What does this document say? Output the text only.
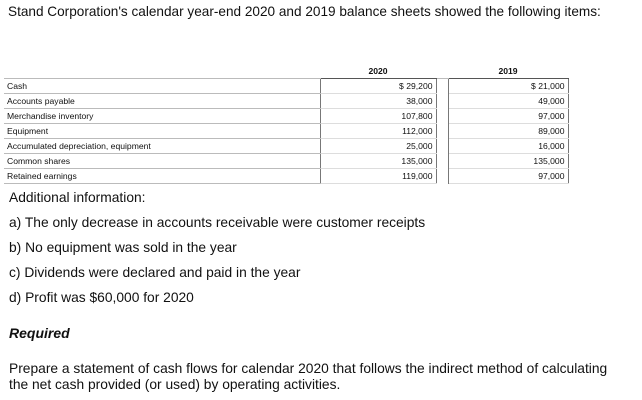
Stand Corporation's calendar year-end 2020 and 2019 balance sheets showed the following items:
	2020		2019
Cash	$ 29,200		$ 21,000
Accounts payable	38,000		49,000
Merchandise inventory	107,800		97,000
Equipment	112,000		89,000
Accumulated depreciation, equipment	25,000		16,000
Common shares	135,000		135,000
Retained earnings	119,000		97,000
Additional information:
a) The only decrease in accounts receivable were customer receipts
b) No equipment was sold in the year
c) Dividends were declared and paid in the year
d) Profit was $60,000 for 2020
Required
Prepare a statement of cash flows for calendar 2020 that follows the indirect method of calculating the net cash provided (or used) by operating activities.
